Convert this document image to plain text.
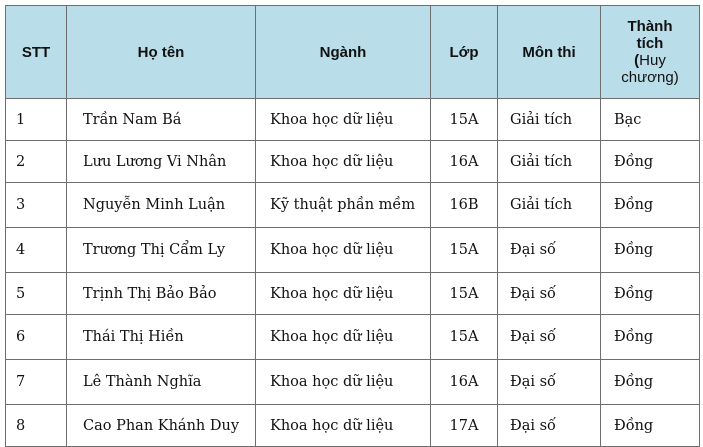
STT	Họ tên	Ngành	Lớp	Môn thi	Thành
tích
(Huy
chương)
1	Trần Nam Bá	Khoa học dữ liệu	15A	Giải tích	Bạc
2	Lưu Lương Vi Nhân	Khoa học dữ liệu	16A	Giải tích	Đồng
3	Nguyễn Minh Luận	Kỹ thuật phần mềm	16B	Giải tích	Đồng
4	Trương Thị Cẩm Ly	Khoa học dữ liệu	15A	Đại số	Đồng
5	Trịnh Thị Bảo Bảo	Khoa học dữ liệu	15A	Đại số	Đồng
6	Thái Thị Hiền	Khoa học dữ liệu	15A	Đại số	Đồng
7	Lê Thành Nghĩa	Khoa học dữ liệu	16A	Đại số	Đồng
8	Cao Phan Khánh Duy	Khoa học dữ liệu	17A	Đại số	Đồng
